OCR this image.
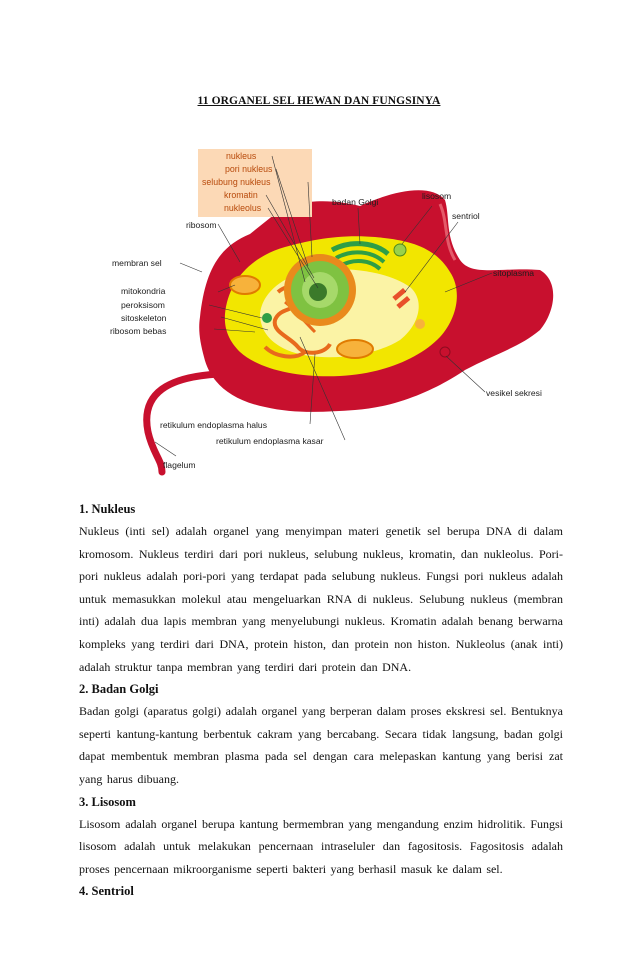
11 ORGANEL SEL HEWAN DAN FUNGSINYA
nukleus
pori nukleus
selubung nukleus
kromatin
nukleolus
badan Golgi
lisosom
sentriol
ribosom
membran sel
sitoplasma
mitokondria
peroksisom
sitoskeleton
ribosom bebas
vesikel sekresi
retikulum endoplasma halus
retikulum endoplasma kasar
flagelum

1. Nukleus

Nukleus (inti sel) adalah organel yang menyimpan materi genetik sel berupa DNA di dalam kromosom. Nukleus terdiri dari pori nukleus, selubung nukleus, kromatin, dan nukleolus. Pori-pori nukleus adalah pori-pori yang terdapat pada selubung nukleus. Fungsi pori nukleus adalah untuk memasukkan molekul atau mengeluarkan RNA di nukleus. Selubung nukleus (membran inti) adalah dua lapis membran yang menyelubungi nukleus. Kromatin adalah benang berwarna kompleks yang terdiri dari DNA, protein histon, dan protein non histon. Nukleolus (anak inti) adalah struktur tanpa membran yang terdiri dari protein dan DNA.

2. Badan Golgi

Badan golgi (aparatus golgi) adalah organel yang berperan dalam proses ekskresi sel. Bentuknya seperti kantung-kantung berbentuk cakram yang bercabang. Secara tidak langsung, badan golgi dapat membentuk membran plasma pada sel dengan cara melepaskan kantung yang berisi zat yang harus dibuang.

3. Lisosom

Lisosom adalah organel berupa kantung bermembran yang mengandung enzim hidrolitik. Fungsi lisosom adalah untuk melakukan pencernaan intraseluler dan fagositosis. Fagositosis adalah proses pencernaan mikroorganisme seperti bakteri yang berhasil masuk ke dalam sel.

4. Sentriol
